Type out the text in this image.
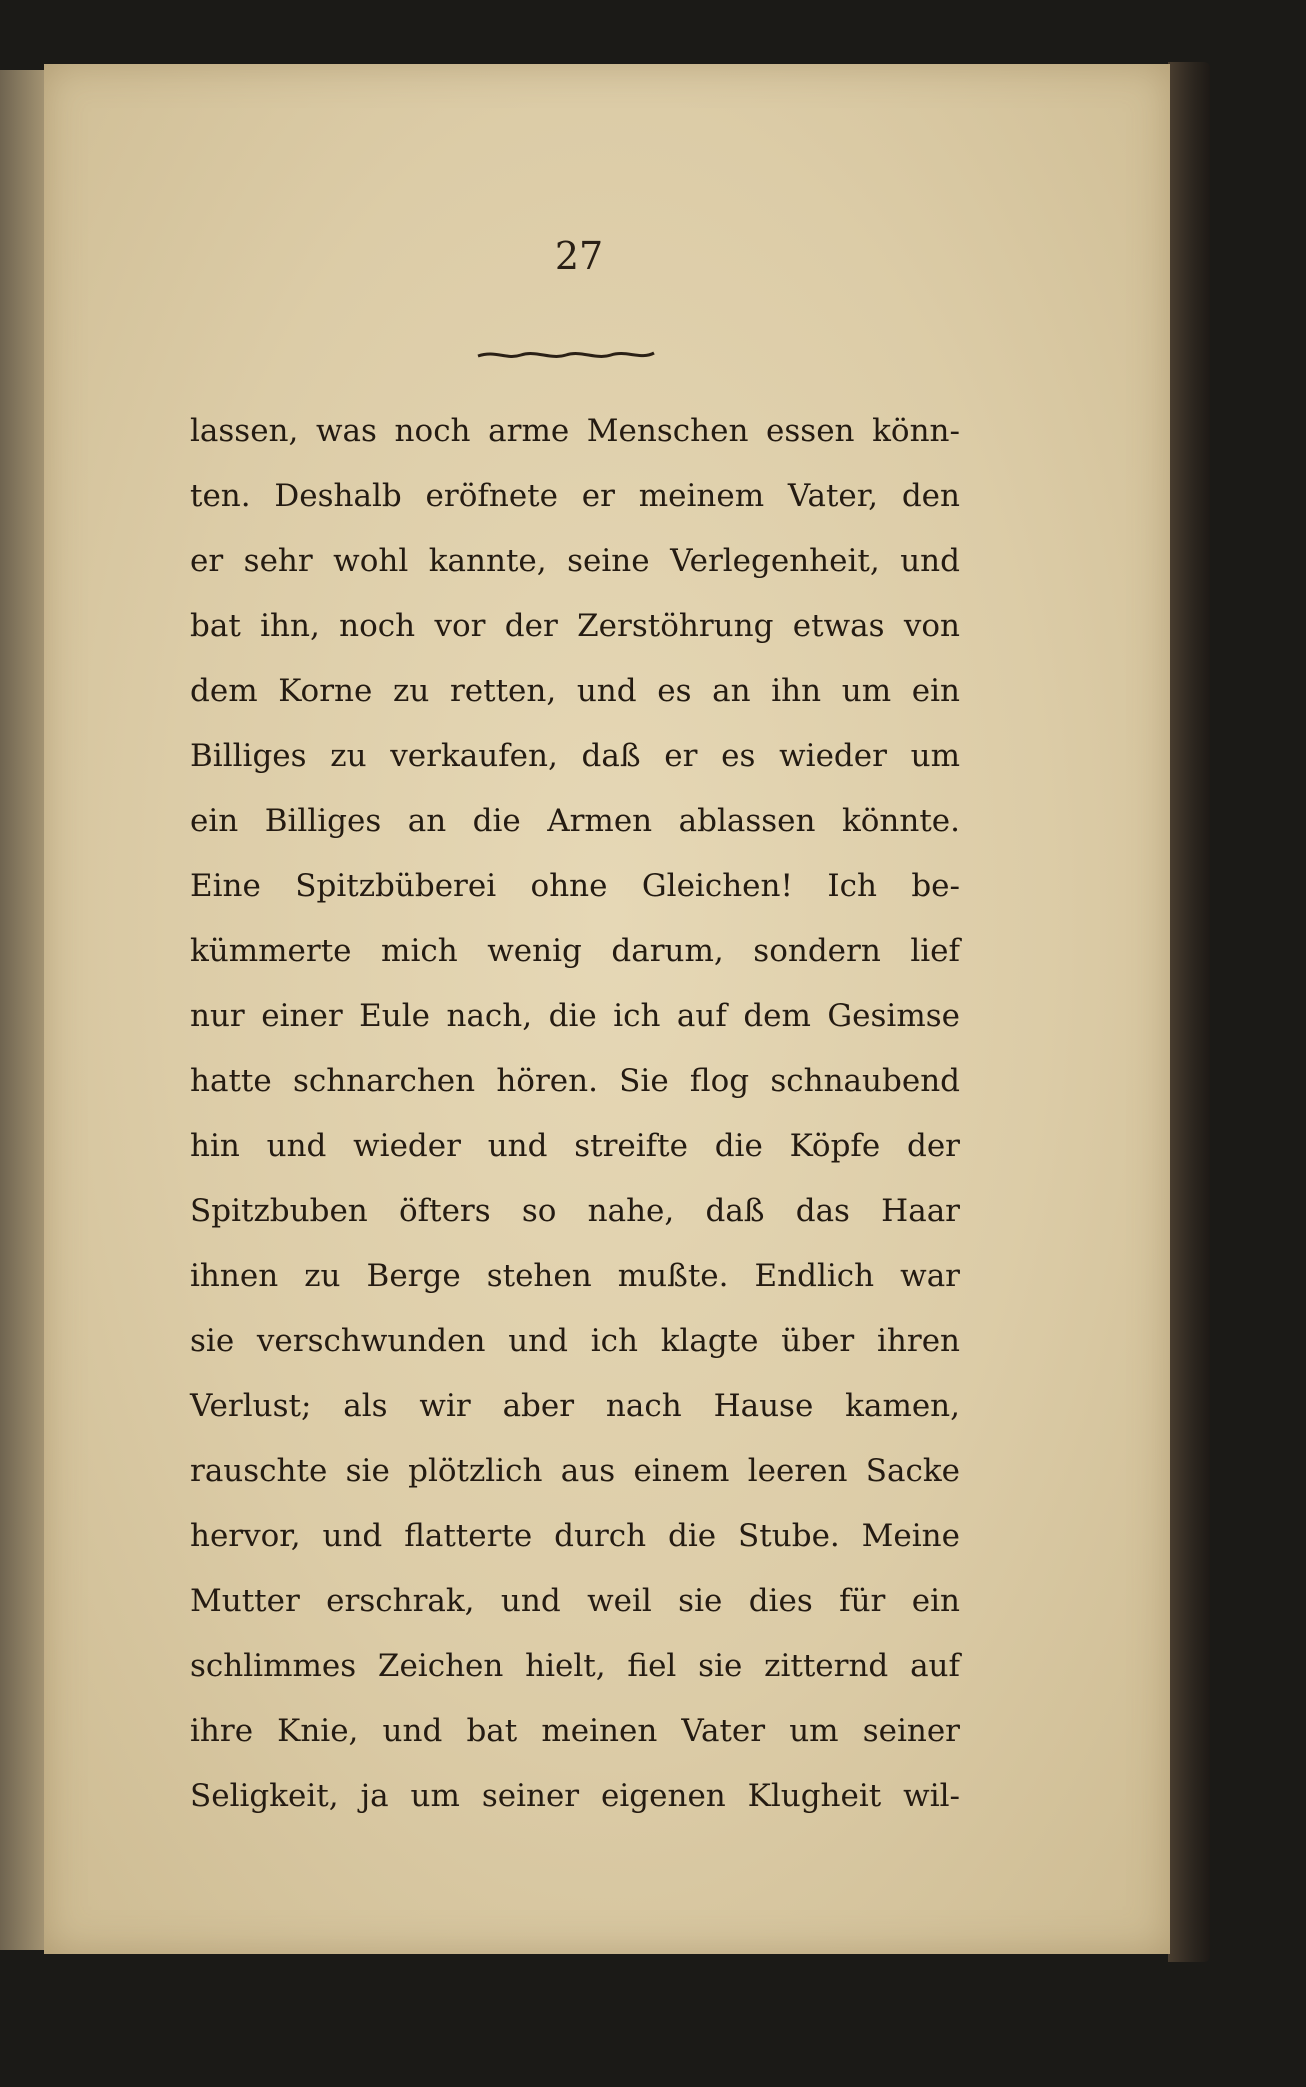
27
lassen, was noch arme Menschen essen könn-
ten. Deshalb eröfnete er meinem Vater, den
er sehr wohl kannte, seine Verlegenheit, und
bat ihn, noch vor der Zerstöhrung etwas von
dem Korne zu retten, und es an ihn um ein
Billiges zu verkaufen, daß er es wieder um
ein Billiges an die Armen ablassen könnte.
Eine Spitzbüberei ohne Gleichen! Ich be-
kümmerte mich wenig darum, sondern lief
nur einer Eule nach, die ich auf dem Gesimse
hatte schnarchen hören. Sie flog schnaubend
hin und wieder und streifte die Köpfe der
Spitzbuben öfters so nahe, daß das Haar
ihnen zu Berge stehen mußte. Endlich war
sie verschwunden und ich klagte über ihren
Verlust; als wir aber nach Hause kamen,
rauschte sie plötzlich aus einem leeren Sacke
hervor, und flatterte durch die Stube. Meine
Mutter erschrak, und weil sie dies für ein
schlimmes Zeichen hielt, fiel sie zitternd auf
ihre Knie, und bat meinen Vater um seiner
Seligkeit, ja um seiner eigenen Klugheit wil-
